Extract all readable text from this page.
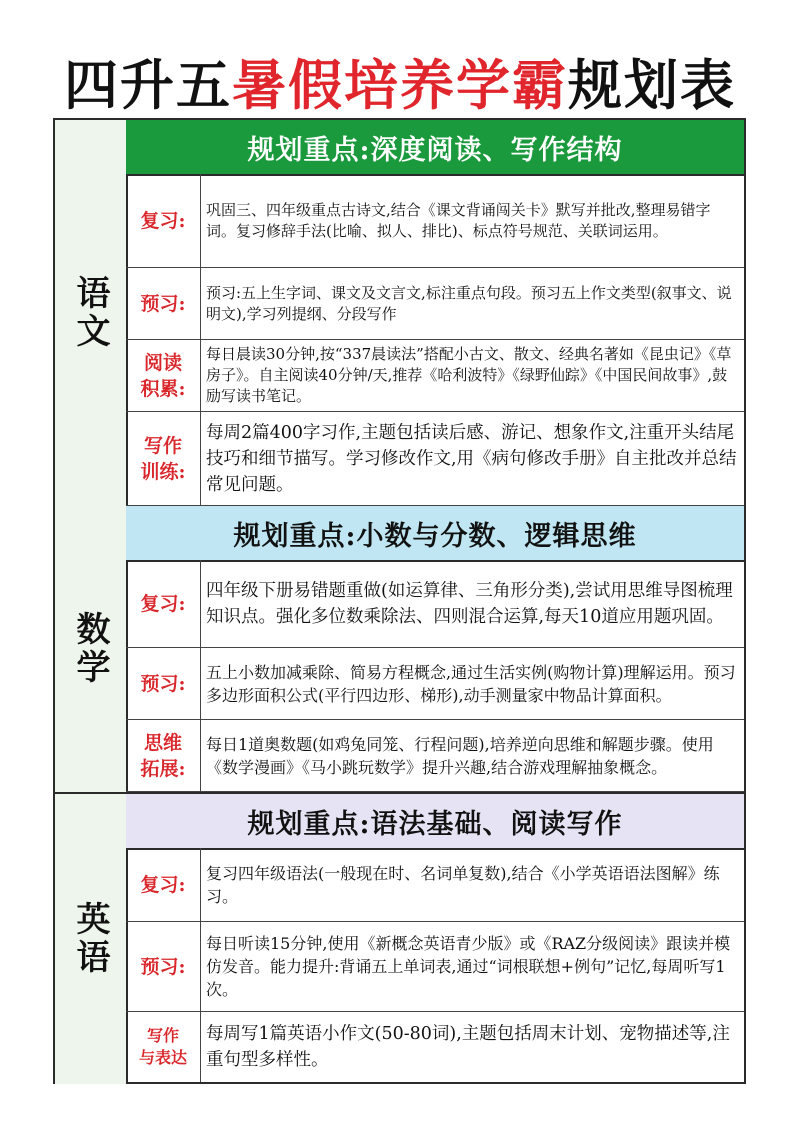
四升五暑假培养学霸规划表
语文
规划重点:深度阅读、写作结构
复习:	巩固三、四年级重点古诗文,结合《课文背诵闯关卡》默写并批改,整理易错字词。复习修辞手法(比喻、拟人、排比)、标点符号规范、关联词运用。
预习:	预习:五上生字词、课文及文言文,标注重点句段。预习五上作文类型(叙事文、说明文),学习列提纲、分段写作
阅读
积累:
每日晨读30分钟,按“337晨读法”搭配小古文、散文、经典名著如《昆虫记》《草房子》。自主阅读40分钟/天,推荐《哈利波特》《绿野仙踪》《中国民间故事》,鼓励写读书笔记。
写作
训练:
每周2篇400字习作,主题包括读后感、游记、想象作文,注重开头结尾技巧和细节描写。学习修改作文,用《病句修改手册》自主批改并总结常见问题。
数学
规划重点:小数与分数、逻辑思维
复习:
四年级下册易错题重做(如运算律、三角形分类),尝试用思维导图梳理知识点。强化多位数乘除法、四则混合运算,每天10道应用题巩固。
预习:
五上小数加减乘除、简易方程概念,通过生活实例(购物计算)理解运用。预习多边形面积公式(平行四边形、梯形),动手测量家中物品计算面积。
思维
拓展:
每日1道奥数题(如鸡兔同笼、行程问题),培养逆向思维和解题步骤。使用《数学漫画》《马小跳玩数学》提升兴趣,结合游戏理解抽象概念。
英语
规划重点:语法基础、阅读写作
复习:
复习四年级语法(一般现在时、名词单复数),结合《小学英语语法图解》练习。
预习:
每日听读15分钟,使用《新概念英语青少版》或《RAZ分级阅读》跟读并模仿发音。能力提升:背诵五上单词表,通过“词根联想+例句”记忆,每周听写1次。
写作
与表达
每周写1篇英语小作文(50-80词),主题包括周末计划、宠物描述等,注重句型多样性。
